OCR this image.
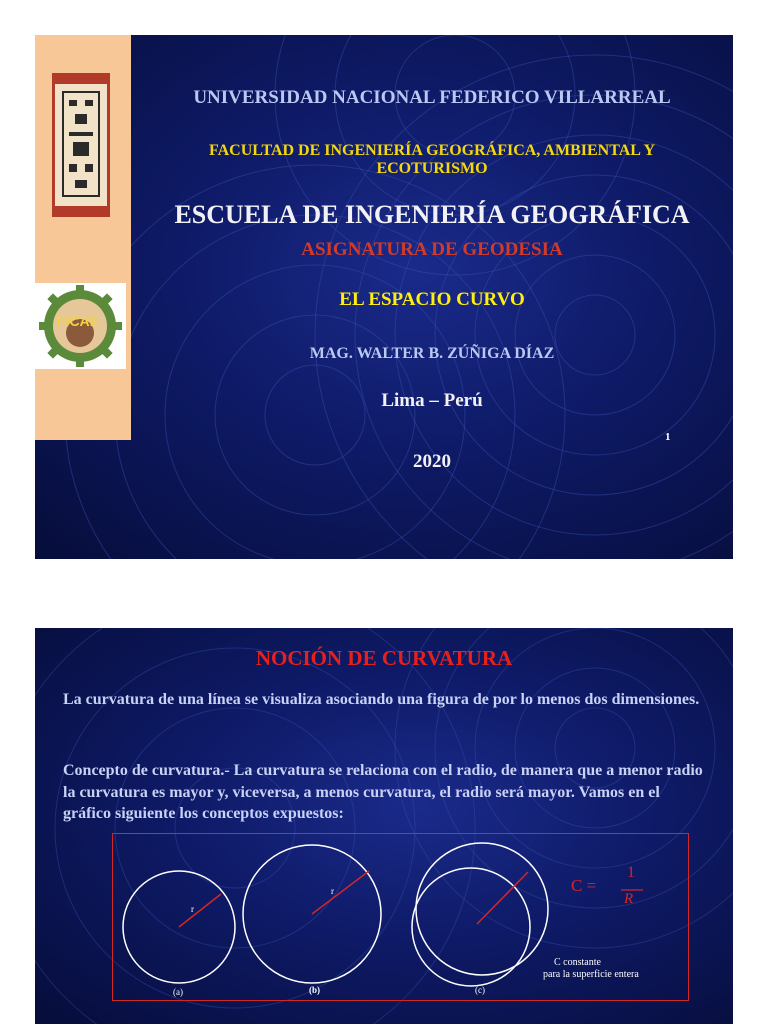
FICAE
UNIVERSIDAD NACIONAL FEDERICO VILLARREAL
FACULTAD DE INGENIERÍA GEOGRÁFICA, AMBIENTAL Y ECOTURISMO
ESCUELA DE INGENIERÍA GEOGRÁFICA
ASIGNATURA DE GEODESIA
EL ESPACIO CURVO
MAG. WALTER B. ZÚÑIGA DÍAZ
Lima – Perú
2020
1
NOCIÓN DE CURVATURA
La curvatura de una línea se visualiza asociando una figura de por lo menos dos dimensiones.
Concepto de curvatura.- La curvatura se relaciona con el radio, de manera que a menor radio la curvatura es mayor y, viceversa, a menos curvatura, el radio será mayor. Vamos en el gráfico siguiente los conceptos expuestos:
r
r
(a)	(b)	(c)
C =
1
R
C constante
para la superficie entera
